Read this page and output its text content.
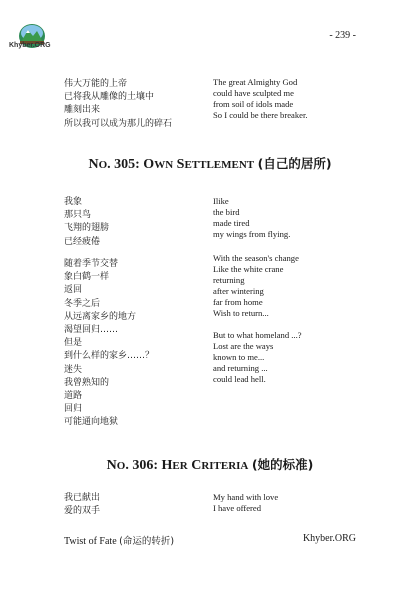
Khyber.ORG
- 239 -
伟大万能的上帝
已将我从雕像的土壤中
雕刻出来
所以我可以成为那儿的碎石
The great Almighty God
could have sculpted me
from soil of idols made
So I could be there breaker.
NO. 305: OWN SETTLEMENT (自己的居所)
我象
那只鸟
飞翔的翅膀
已经疲倦
Ilike
the bird
made tired
my wings from flying.
随着季节交替
象白鹤一样
返回
冬季之后
从远离家乡的地方
渴望回归……
但是
到什么样的家乡……？
迷失
我曾熟知的
道路
回归
可能通向地狱
With the season's change
Like the white crane
returning
after wintering
far from home
Wish to return...
But to what homeland ...?
Lost are the ways
known to me...
and returning ...
could lead hell.
NO. 306: HER CRITERIA (她的标准)
我已献出
爱的双手
My hand with love
I have offered
Twist of Fate (命运的转折)	Khyber.ORG
